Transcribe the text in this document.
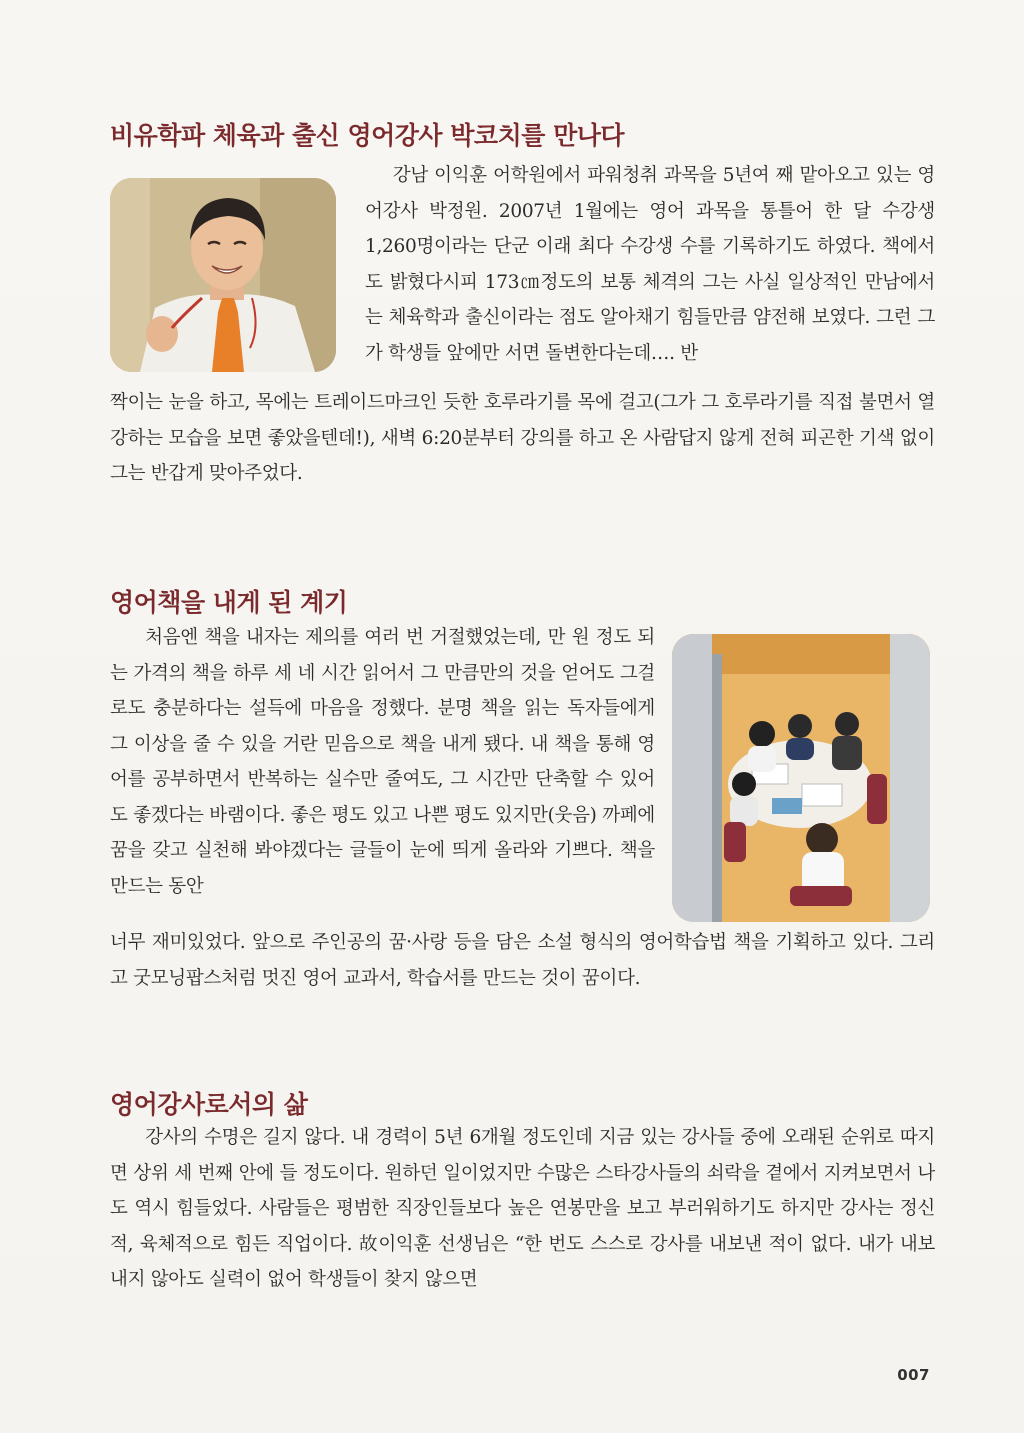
비유학파 체육과 출신 영어강사 박코치를 만나다

강남 이익훈 어학원에서 파워청취 과목을 5년여 째 맡아오고 있는 영어강사 박정원. 2007년 1월에는 영어 과목을 통틀어 한 달 수강생 1,260명이라는 단군 이래 최다 수강생 수를 기록하기도 하였다. 책에서도 밝혔다시피 173㎝정도의 보통 체격의 그는 사실 일상적인 만남에서는 체육학과 출신이라는 점도 알아채기 힘들만큼 얌전해 보였다. 그런 그가 학생들 앞에만 서면 돌변한다는데…. 반

짝이는 눈을 하고, 목에는 트레이드마크인 듯한 호루라기를 목에 걸고(그가 그 호루라기를 직접 불면서 열강하는 모습을 보면 좋았을텐데!), 새벽 6:20분부터 강의를 하고 온 사람답지 않게 전혀 피곤한 기색 없이 그는 반갑게 맞아주었다.

영어책을 내게 된 계기

처음엔 책을 내자는 제의를 여러 번 거절했었는데, 만 원 정도 되는 가격의 책을 하루 세 네 시간 읽어서 그 만큼만의 것을 얻어도 그걸로도 충분하다는 설득에 마음을 정했다. 분명 책을 읽는 독자들에게 그 이상을 줄 수 있을 거란 믿음으로 책을 내게 됐다. 내 책을 통해 영어를 공부하면서 반복하는 실수만 줄여도, 그 시간만 단축할 수 있어도 좋겠다는 바램이다. 좋은 평도 있고 나쁜 평도 있지만(웃음) 까페에 꿈을 갖고 실천해 봐야겠다는 글들이 눈에 띄게 올라와 기쁘다. 책을 만드는 동안

너무 재미있었다. 앞으로 주인공의 꿈·사랑 등을 담은 소설 형식의 영어학습법 책을 기획하고 있다. 그리고 굿모닝팝스처럼 멋진 영어 교과서, 학습서를 만드는 것이 꿈이다.

영어강사로서의 삶

강사의 수명은 길지 않다. 내 경력이 5년 6개월 정도인데 지금 있는 강사들 중에 오래된 순위로 따지면 상위 세 번째 안에 들 정도이다. 원하던 일이었지만 수많은 스타강사들의 쇠락을 곁에서 지켜보면서 나도 역시 힘들었다. 사람들은 평범한 직장인들보다 높은 연봉만을 보고 부러워하기도 하지만 강사는 정신적, 육체적으로 힘든 직업이다. 故이익훈 선생님은 “한 번도 스스로 강사를 내보낸 적이 없다. 내가 내보내지 않아도 실력이 없어 학생들이 찾지 않으면

007
